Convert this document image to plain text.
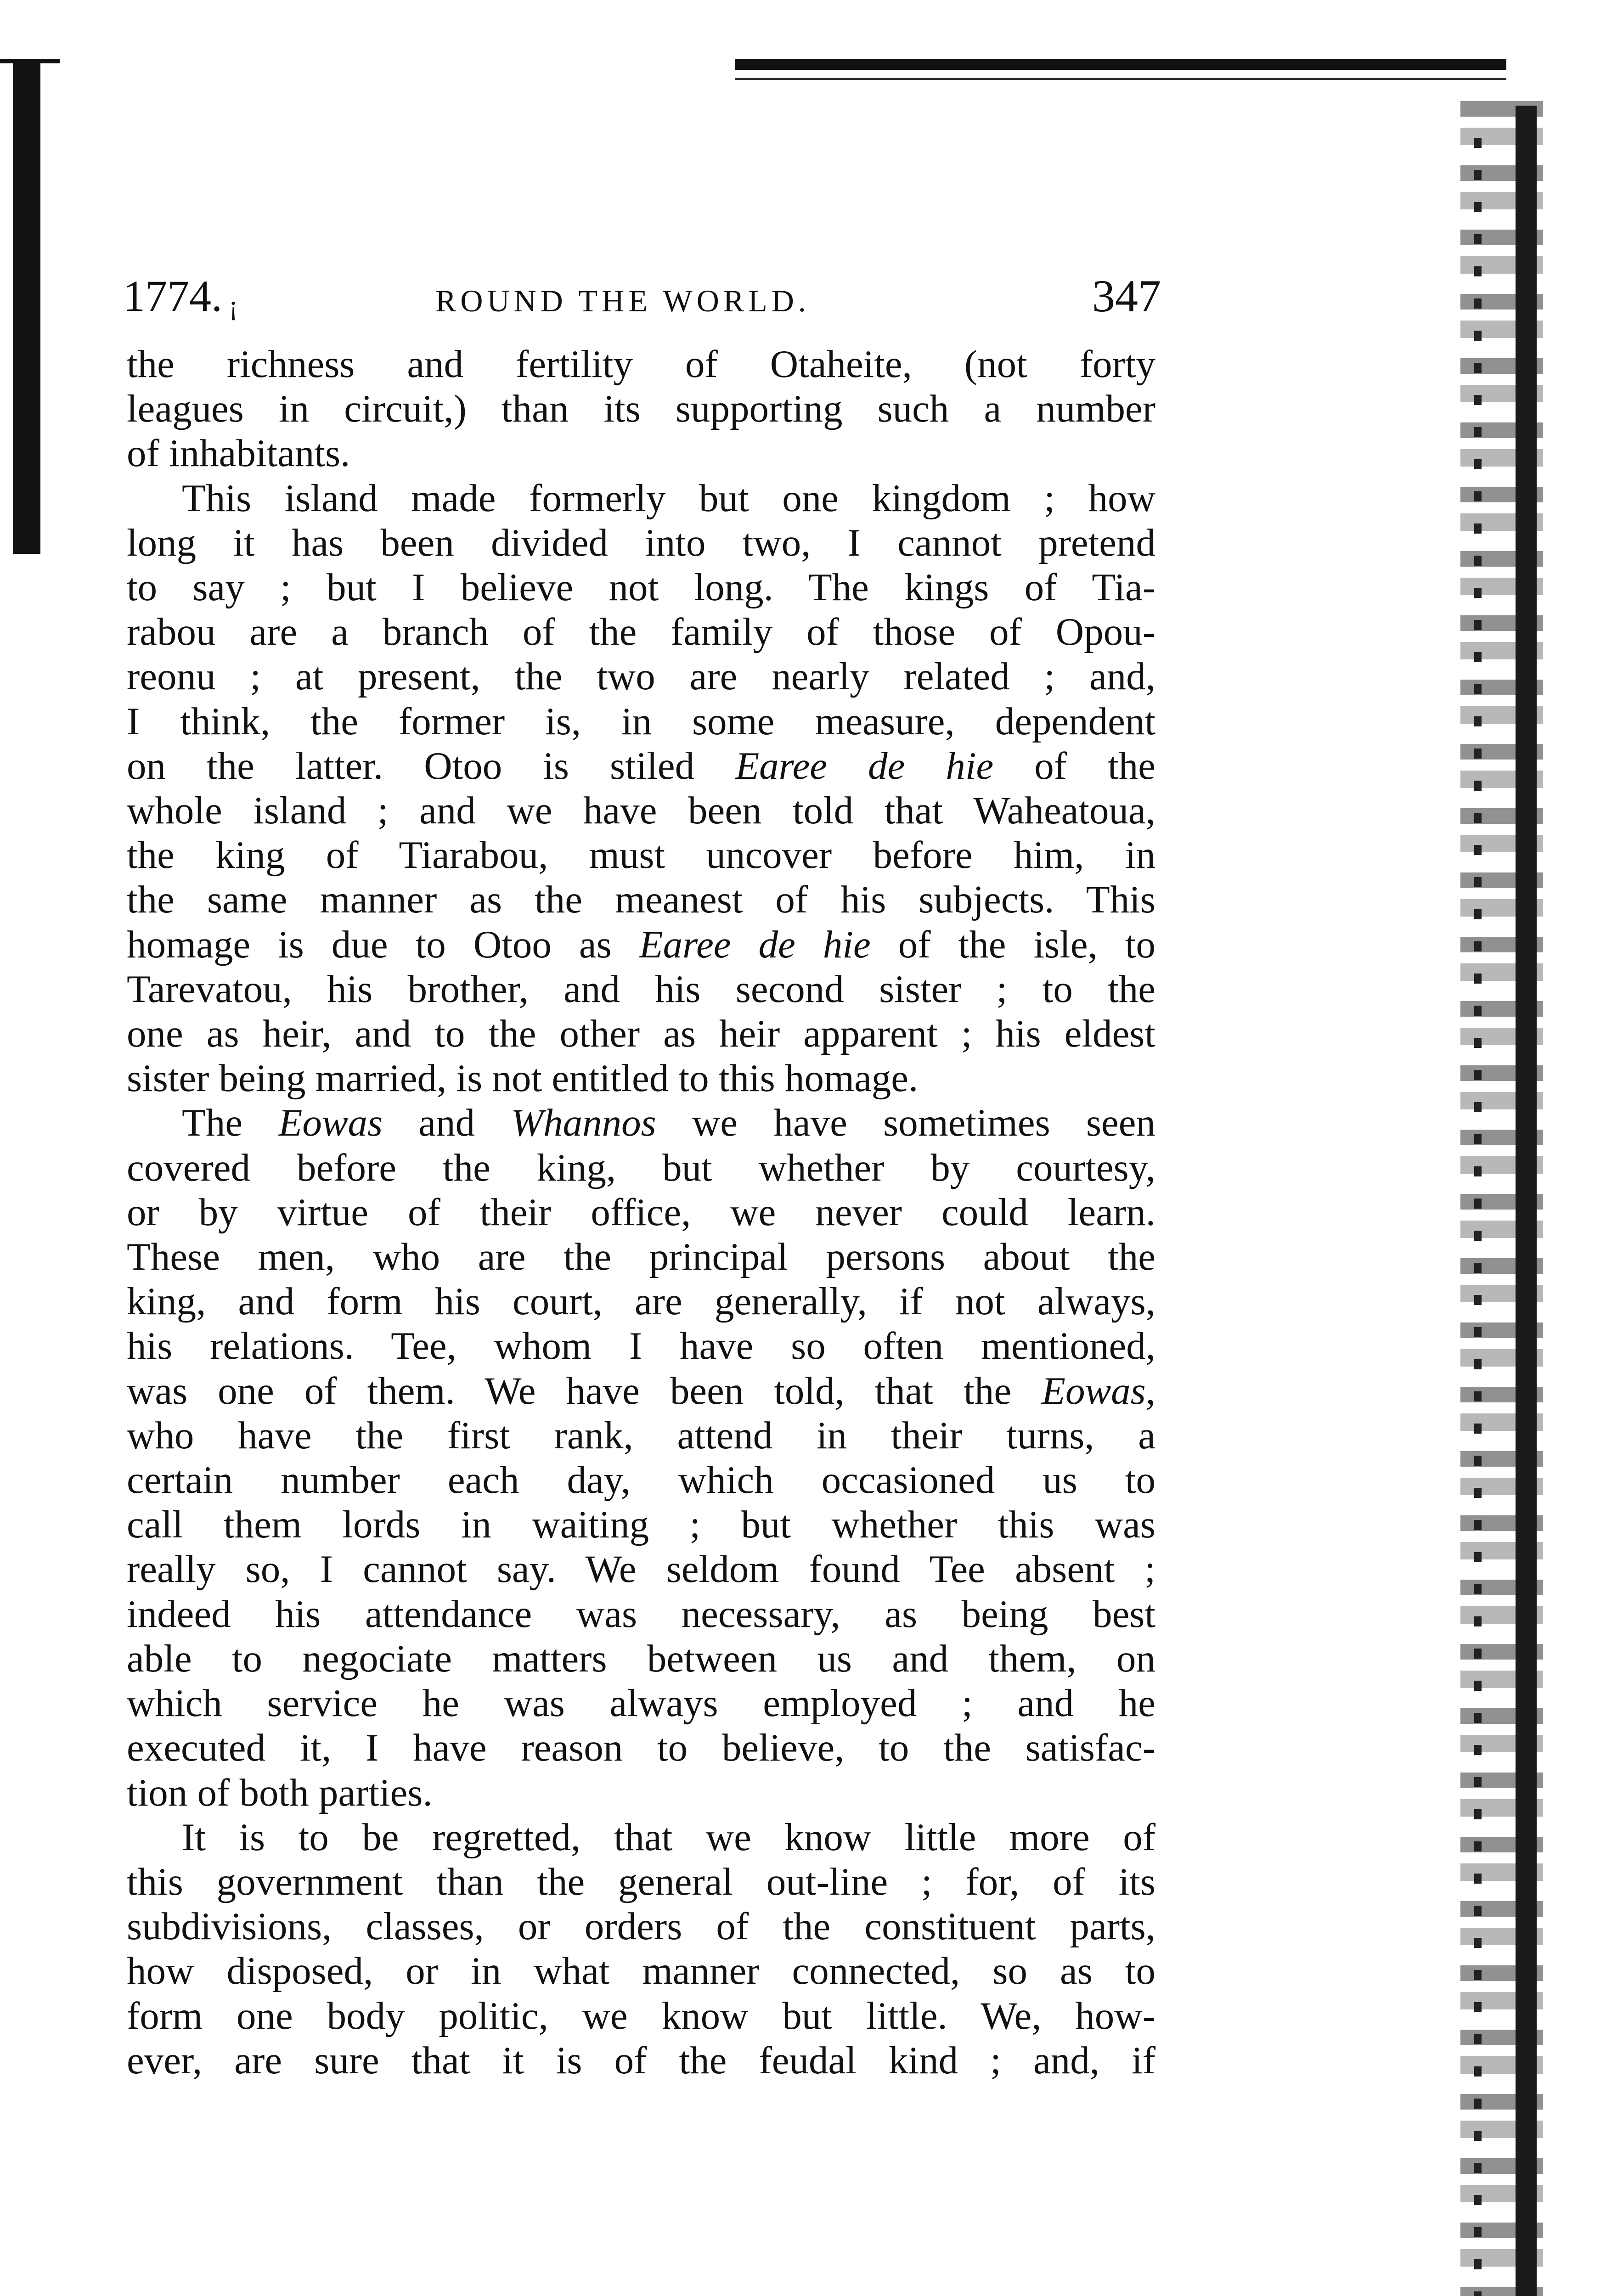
1774. ¡	ROUND THE WORLD.	347

the richness and fertility of Otaheite, (not forty
leagues in circuit,) than its supporting such a number
of inhabitants.

This island made formerly but one kingdom ; how
long it has been divided into two, I cannot pretend
to say ; but I believe not long. The kings of Tia-
rabou are a branch of the family of those of Opou-
reonu ; at present, the two are nearly related ; and,
I think, the former is, in some measure, dependent
on the latter. Otoo is stiled Earee de hie of the
whole island ; and we have been told that Waheatoua,
the king of Tiarabou, must uncover before him, in
the same manner as the meanest of his subjects. This
homage is due to Otoo as Earee de hie of the isle, to
Tarevatou, his brother, and his second sister ; to the
one as heir, and to the other as heir apparent ; his eldest
sister being married, is not entitled to this homage.

The Eowas and Whannos we have sometimes seen
covered before the king, but whether by courtesy,
or by virtue of their office, we never could learn.
These men, who are the principal persons about the
king, and form his court, are generally, if not always,
his relations. Tee, whom I have so often mentioned,
was one of them. We have been told, that the Eowas,
who have the first rank, attend in their turns, a
certain number each day, which occasioned us to
call them lords in waiting ; but whether this was
really so, I cannot say. We seldom found Tee absent ;
indeed his attendance was necessary, as being best
able to negociate matters between us and them, on
which service he was always employed ; and he
executed it, I have reason to believe, to the satisfac-
tion of both parties.

It is to be regretted, that we know little more of
this government than the general out-line ; for, of its
subdivisions, classes, or orders of the constituent parts,
how disposed, or in what manner connected, so as to
form one body politic, we know but little. We, how-
ever, are sure that it is of the feudal kind ; and, if
